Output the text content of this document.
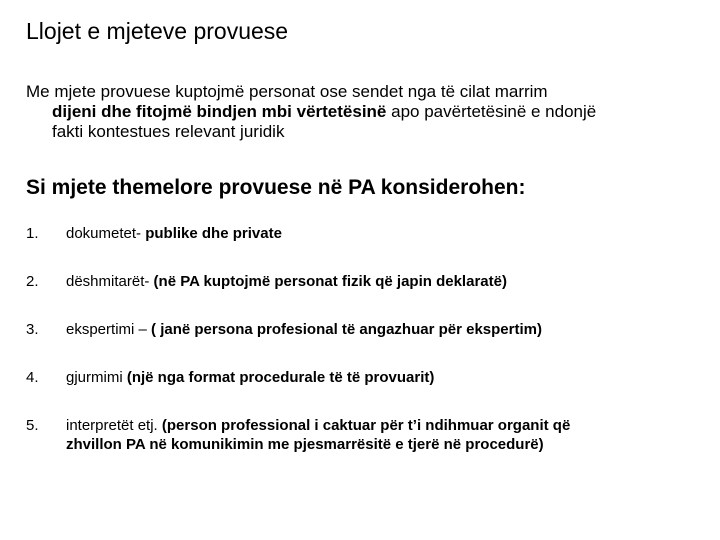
Llojet e mjeteve provuese
Me mjete provuese kuptojmë personat ose sendet nga të cilat marrim
dijeni dhe fitojmë bindjen mbi vërtetësinë apo pavërtetësinë e ndonjë
fakti kontestues relevant juridik
Si mjete themelore provuese në PA konsiderohen:
1. dokumetet- publike dhe private
2. dëshmitarët- (në PA kuptojmë personat fizik që japin deklaratë)
3. ekspertimi – ( janë persona profesional të angazhuar për ekspertim)
4. gjurmimi (një nga format procedurale të të provuarit)
5. interpretët etj. (person professional i caktuar për t’i ndihmuar organit që
zhvillon PA në komunikimin me pjesmarrësitë e tjerë në procedurë)
